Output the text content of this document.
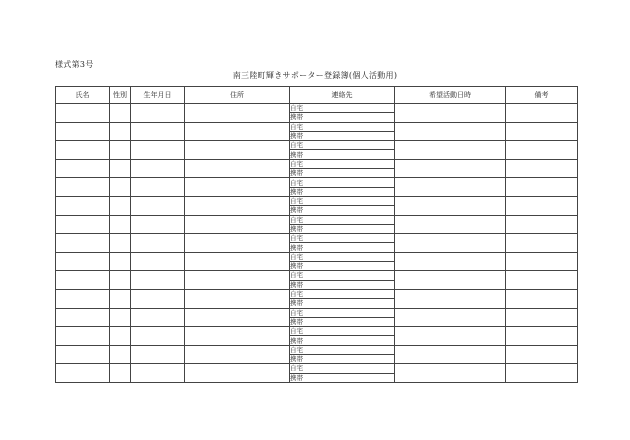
様式第3号
南三陸町輝きサポーター登録簿(個人活動用)
氏名	性別	生年月日	住所	連絡先	希望活動日時	備考
				自宅		
				携帯		
				自宅		
				携帯		
				自宅		
				携帯		
				自宅		
				携帯		
				自宅		
				携帯		
				自宅		
				携帯		
				自宅		
				携帯		
				自宅		
				携帯		
				自宅		
				携帯		
				自宅		
				携帯		
				自宅		
				携帯		
				自宅		
				携帯		
				自宅		
				携帯		
				自宅		
				携帯		
				自宅		
				携帯		
